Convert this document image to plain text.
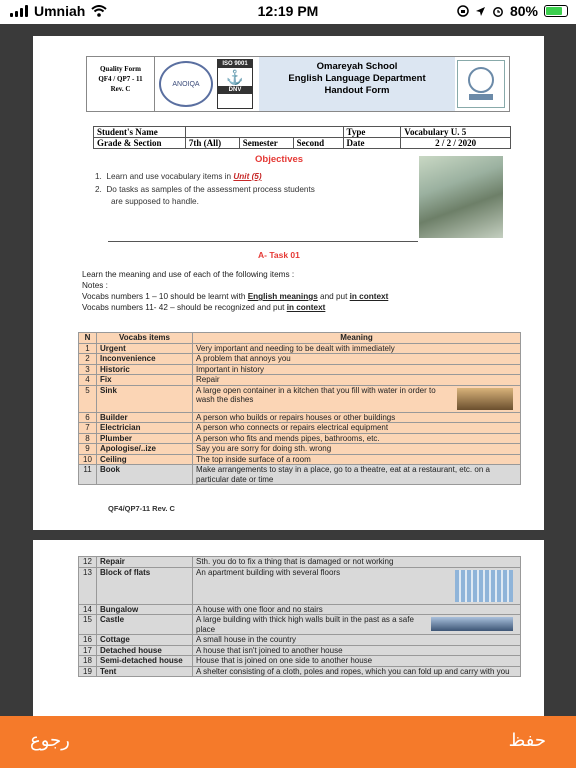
Umniah	12:19 PM	80%
Quality Form
QF4 / QP7 - 11
Rev. C
ANOIQA
ISO 9001
⚓
DNV
Omareyah School
English Language Department
Handout Form
Student's Name				Type	Vocabulary U. 5
Grade & Section	7th (All)	Semester	Second	Date	2 / 2 / 2020
Objectives
1.  Learn and use vocabulary items in Unit (5)
2.  Do tasks as samples of the assessment process students
are supposed to handle.
A- Task 01
Learn the meaning and use of each of the following items :
Notes :
Vocabs numbers 1 – 10 should be learnt with English meanings and put in context
Vocabs numbers 11- 42 – should be recognized and put in context
N	Vocabs items	Meaning
1	Urgent	Very important and needing to be dealt with immediately
2	Inconvenience	A problem that annoys you
3	Historic	Important in history
4	Fix	Repair
5	Sink	A large open container in a kitchen that you fill with water in order to wash the dishes
6	Builder	A person who builds or repairs houses or other buildings
7	Electrician	A person who connects or repairs electrical equipment
8	Plumber	A person who fits and mends pipes, bathrooms, etc.
9	Apologise/..ize	Say you are sorry for doing sth. wrong
10	Ceiling	The top inside surface of a room
11	Book	Make arrangements to stay in a place, go to a theatre, eat at a restaurant, etc. on a particular date or time
QF4/QP7-11 Rev. C
12	Repair	Sth. you do to fix a thing that is damaged or not working
13	Block of flats	An apartment building with several floors
14	Bungalow	A house with one floor and no stairs
15	Castle	A large building with thick high walls built in the past as a safe place
16	Cottage	A small house in the country
17	Detached house	A house that isn't joined to another house
18	Semi-detached house	House that is joined on one side to another house
19	Tent	A shelter consisting of a cloth, poles and ropes, which you can fold up and carry with you
رجوع	حفظ
